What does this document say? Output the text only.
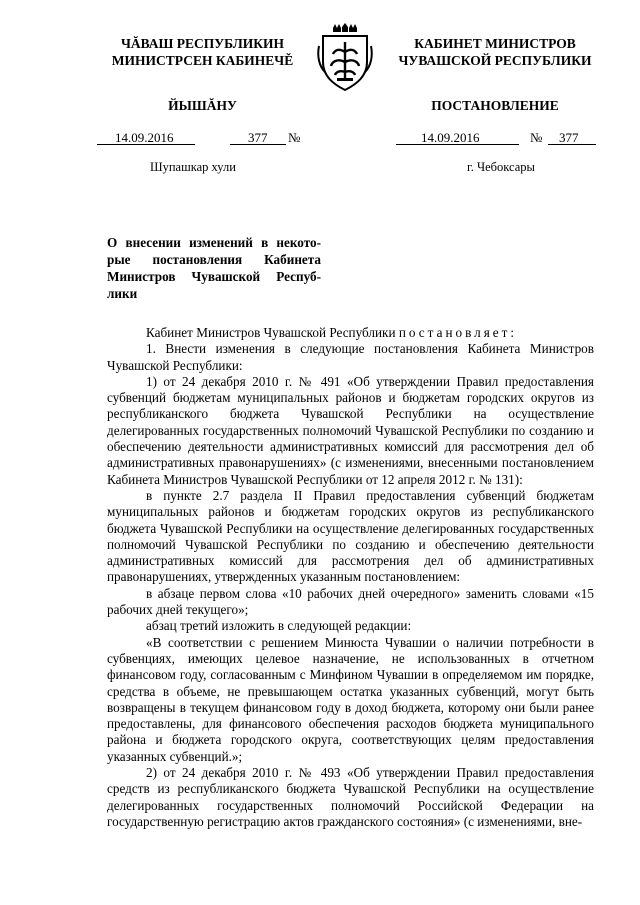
ЧĂВАШ РЕСПУБЛИКИН
МИНИСТРСЕН КАБИНЕЧĚ
ЙЫШĂНУ
КАБИНЕТ МИНИСТРОВ
ЧУВАШСКОЙ РЕСПУБЛИКИ
ПОСТАНОВЛЕНИЕ
14.09.2016	377 №	14.09.2016	№ 377
Шупашкар хули	г. Чебоксары
О внесении изменений в некото-
рые постановления Кабинета
Министров Чувашской Респуб-
лики

Кабинет Министров Чувашской Республики постановляет:

1. Внести изменения в следующие постановления Кабинета Министров Чувашской Республики:

1) от 24 декабря 2010 г. № 491 «Об утверждении Правил предоставления субвенций бюджетам муниципальных районов и бюджетам городских округов из республиканского бюджета Чувашской Республики на осуществление делегированных государственных полномочий Чувашской Республики по созданию и обеспечению деятельности административных комиссий для рассмотрения дел об административных правонарушениях» (с изменениями, внесенными постановлением Кабинета Министров Чувашской Республики от 12 апреля 2012 г. № 131):

в пункте 2.7 раздела II Правил предоставления субвенций бюджетам муниципальных районов и бюджетам городских округов из республиканского бюджета Чувашской Республики на осуществление делегированных государственных полномочий Чувашской Республики по созданию и обеспечению деятельности административных комиссий для рассмотрения дел об административных правонарушениях, утвержденных указанным постановлением:

в абзаце первом слова «10 рабочих дней очередного» заменить словами «15 рабочих дней текущего»;

абзац третий изложить в следующей редакции:

«В соответствии с решением Минюста Чувашии о наличии потребности в субвенциях, имеющих целевое назначение, не использованных в отчетном финансовом году, согласованным с Минфином Чувашии в определяемом им порядке, средства в объеме, не превышающем остатка указанных субвенций, могут быть возвращены в текущем финансовом году в доход бюджета, которому они были ранее предоставлены, для финансового обеспечения расходов бюджета муниципального района и бюджета городского округа, соответствующих целям предоставления указанных субвенций.»;

2) от 24 декабря 2010 г. № 493 «Об утверждении Правил предоставления средств из республиканского бюджета Чувашской Республики на осуществление делегированных государственных полномочий Российской Федерации на государственную регистрацию актов гражданского состояния» (с изменениями, вне-
